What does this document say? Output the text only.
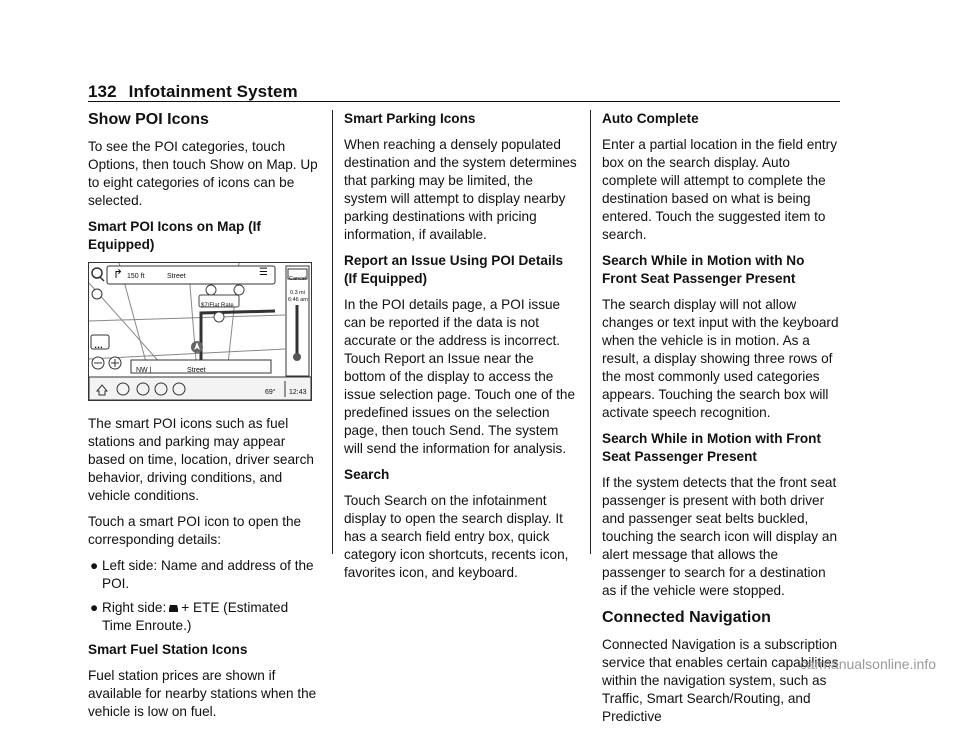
132 Infotainment System
Show POI Icons

To see the POI categories, touch Options, then touch Show on Map. Up to eight categories of icons can be selected.

Smart POI Icons on Map (If Equipped)

↱ 150 ft	Street	☰
Cancel
0.3 mi
6:46 am
$7/Flat Rate
…
NW |	Street
69° 12:43

The smart POI icons such as fuel stations and parking may appear based on time, location, driver search behavior, driving conditions, and vehicle conditions.

Touch a smart POI icon to open the corresponding details:

● Left side: Name and address of the POI.
● Right side: + ETE (Estimated Time Enroute.)

Smart Fuel Station Icons

Fuel station prices are shown if available for nearby stations when the vehicle is low on fuel.

Smart Parking Icons

When reaching a densely populated destination and the system determines that parking may be limited, the system will attempt to display nearby parking destinations with pricing information, if available.

Report an Issue Using POI Details (If Equipped)

In the POI details page, a POI issue can be reported if the data is not accurate or the address is incorrect. Touch Report an Issue near the bottom of the display to access the issue selection page. Touch one of the predefined issues on the selection page, then touch Send. The system will send the information for analysis.

Search

Touch Search on the infotainment display to open the search display. It has a search field entry box, quick category icon shortcuts, recents icon, favorites icon, and keyboard.

Auto Complete

Enter a partial location in the field entry box on the search display. Auto complete will attempt to complete the destination based on what is being entered. Touch the suggested item to search.

Search While in Motion with No Front Seat Passenger Present

The search display will not allow changes or text input with the keyboard when the vehicle is in motion. As a result, a display showing three rows of the most commonly used categories appears. Touching the search box will activate speech recognition.

Search While in Motion with Front Seat Passenger Present

If the system detects that the front seat passenger is present with both driver and passenger seat belts buckled, touching the search icon will display an alert message that allows the passenger to search for a destination as if the vehicle were stopped.

Connected Navigation

Connected Navigation is a subscription service that enables certain capabilities within the navigation system, such as Traffic, Smart Search/Routing, and Predictive

carmanualsonline.info
